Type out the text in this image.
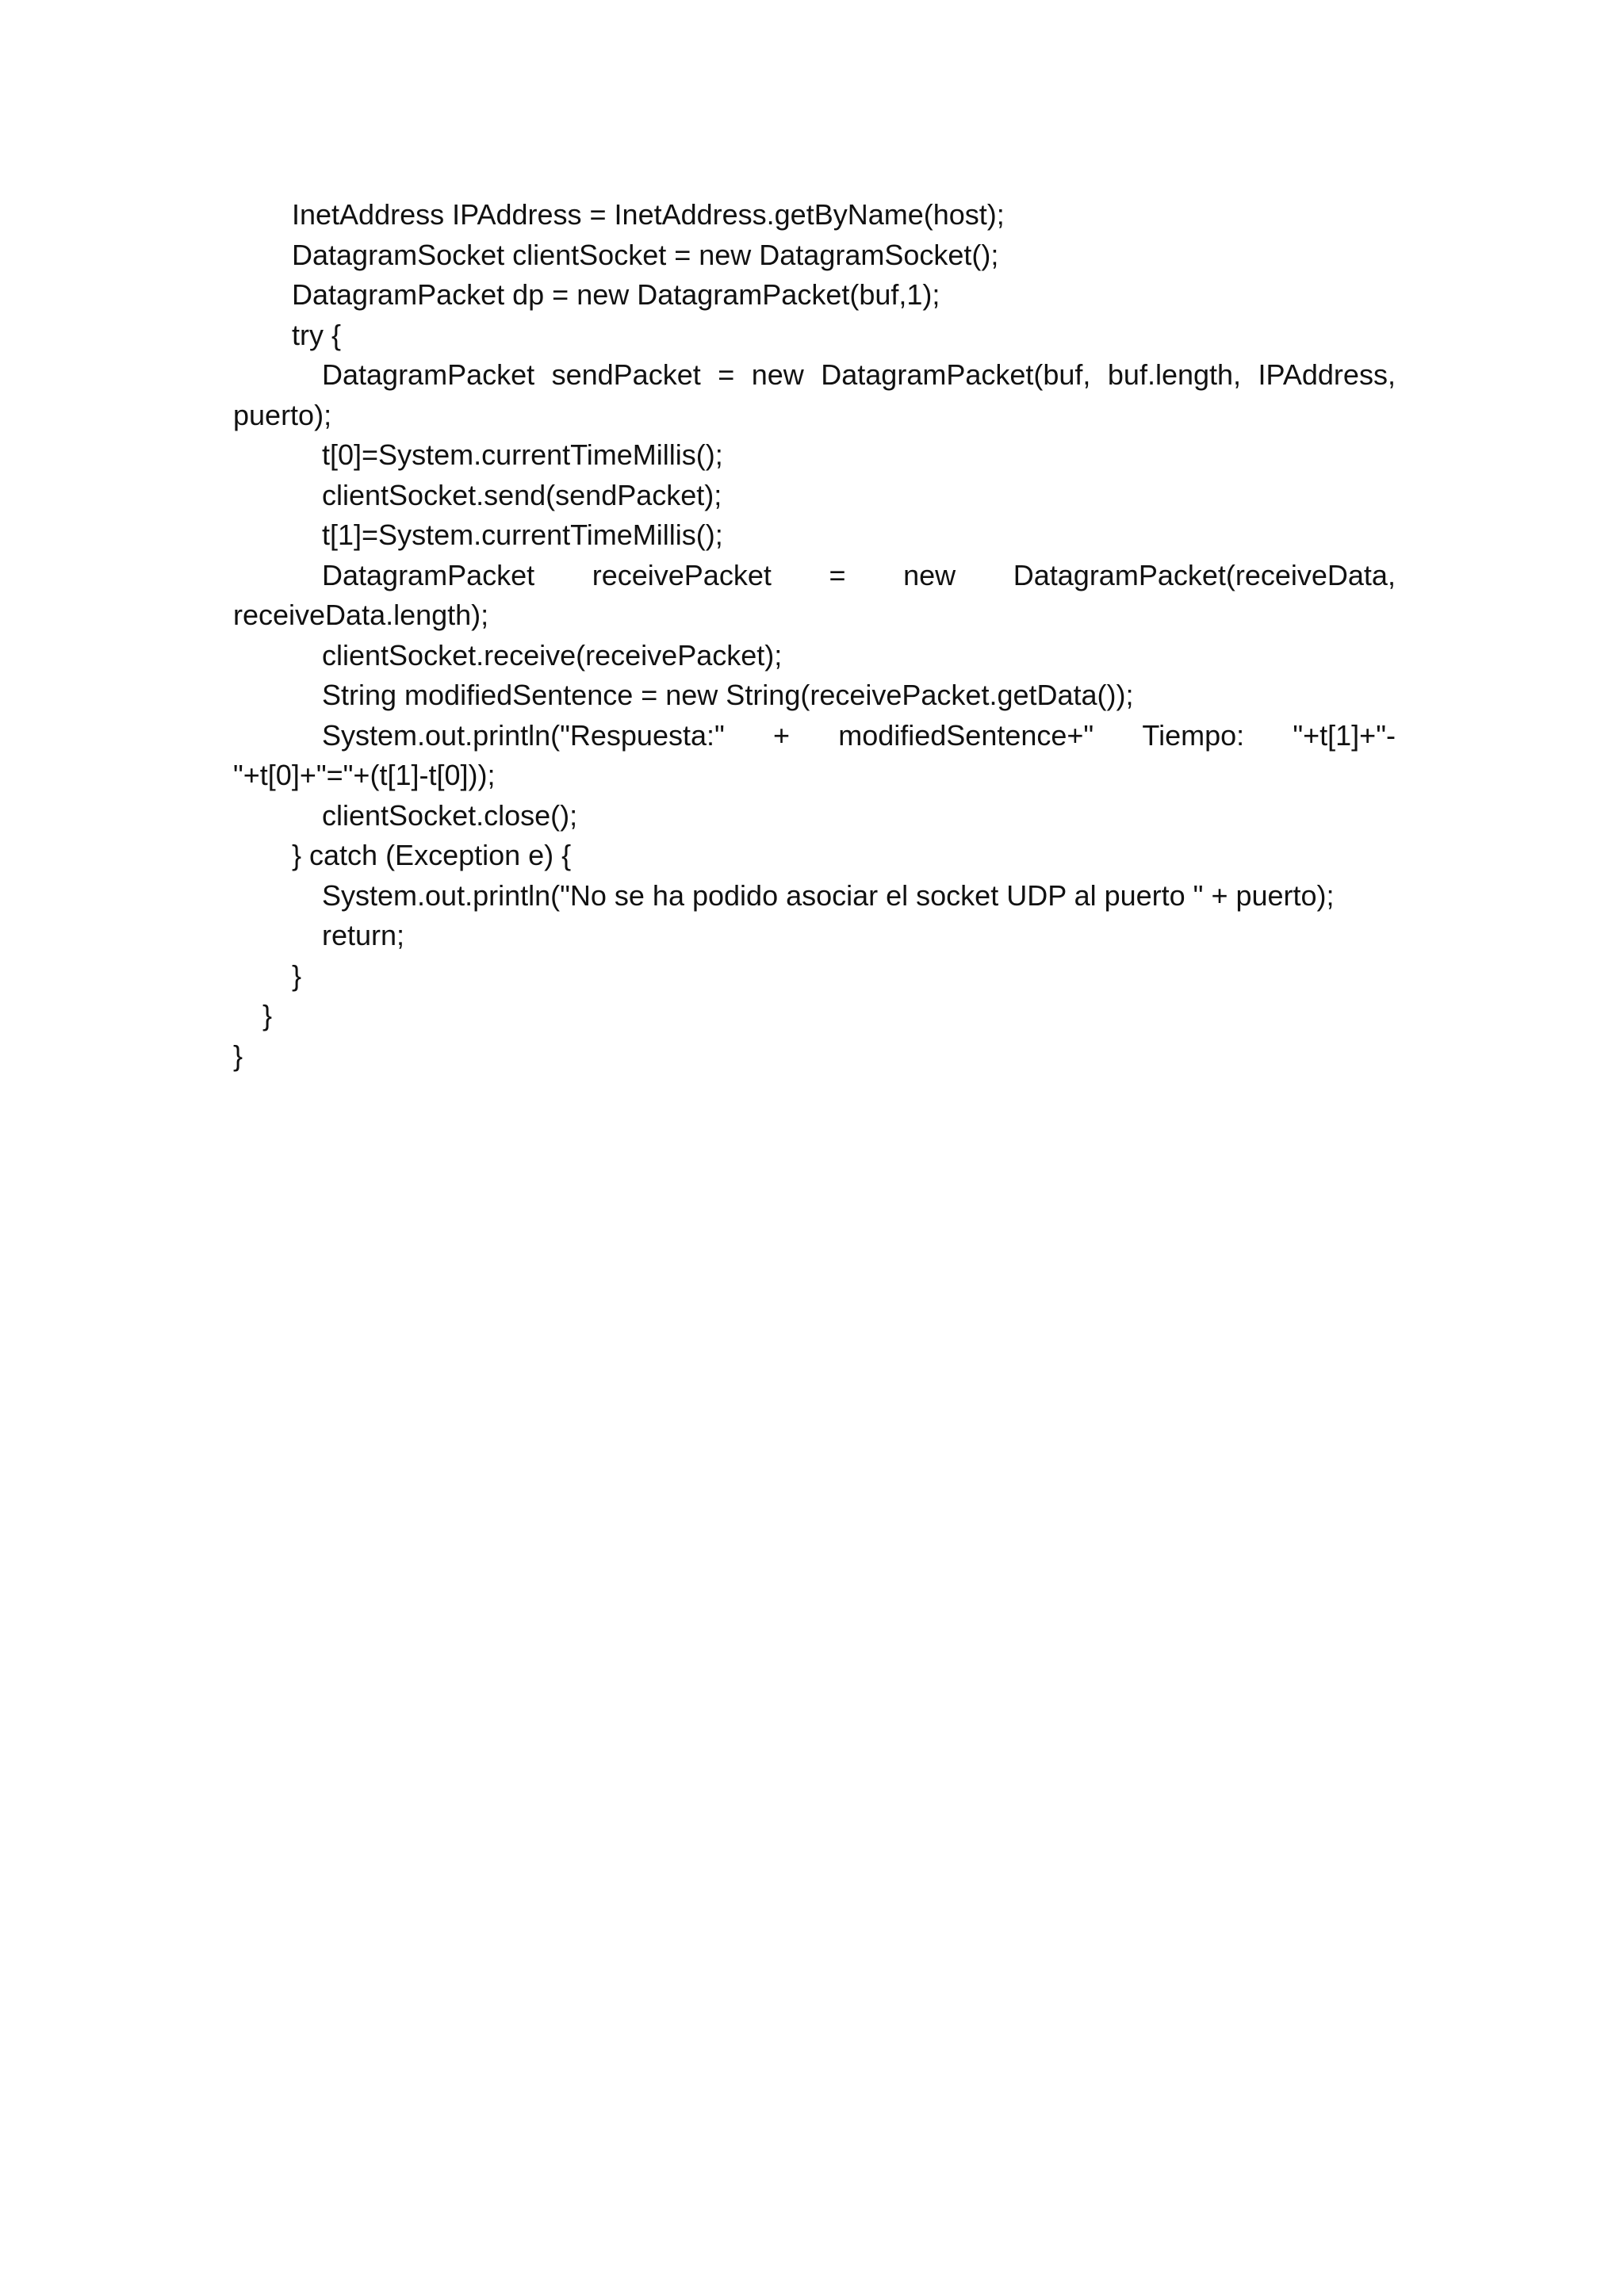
InetAddress IPAddress = InetAddress.getByName(host);
DatagramSocket clientSocket = new DatagramSocket();
DatagramPacket dp = new DatagramPacket(buf,1);
try {
DatagramPacket sendPacket = new DatagramPacket(buf, buf.length, IPAddress,
puerto);
t[0]=System.currentTimeMillis();
clientSocket.send(sendPacket);
t[1]=System.currentTimeMillis();
DatagramPacket receivePacket = new DatagramPacket(receiveData,
receiveData.length);
clientSocket.receive(receivePacket);
String modifiedSentence = new String(receivePacket.getData());
System.out.println("Respuesta:" + modifiedSentence+" Tiempo: "+t[1]+"-
"+t[0]+"="+(t[1]-t[0]));
clientSocket.close();
} catch (Exception e) {
System.out.println("No se ha podido asociar el socket UDP al puerto " + puerto);
return;
}
}
}
